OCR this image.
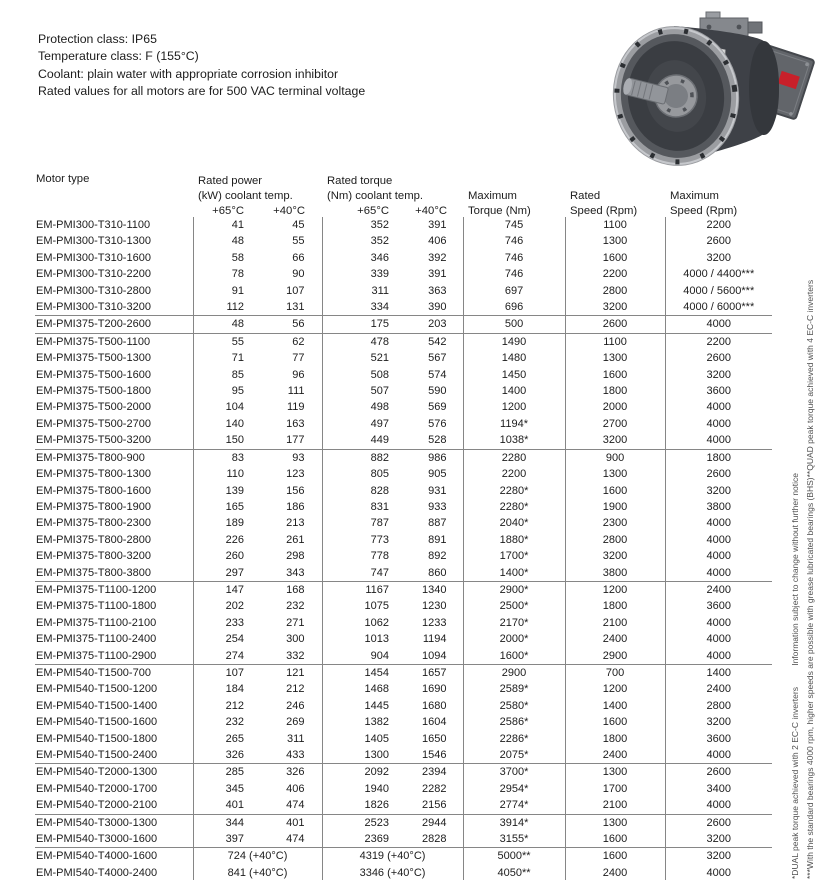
Protection class: IP65
Temperature class: F (155°C)
Coolant: plain water with appropriate corrosion inhibitor
Rated values for all motors are for 500 VAC terminal voltage
Motor type	Rated power		Rated torque				
	(kW) coolant temp.		(Nm) coolant temp.		Maximum	Rated	Maximum
	+65°C	+40°C	+65°C	+40°C	Torque (Nm)	Speed (Rpm)	Speed (Rpm)
EM-PMI300-T310-1100	41	45	352	391	745	1100	2200
EM-PMI300-T310-1300	48	55	352	406	746	1300	2600
EM-PMI300-T310-1600	58	66	346	392	746	1600	3200
EM-PMI300-T310-2200	78	90	339	391	746	2200	4000 / 4400***
EM-PMI300-T310-2800	91	107	311	363	697	2800	4000 / 5600***
EM-PMI300-T310-3200	112	131	334	390	696	3200	4000 / 6000***
EM-PMI375-T200-2600	48	56	175	203	500	2600	4000
EM-PMI375-T500-1100	55	62	478	542	1490	1100	2200
EM-PMI375-T500-1300	71	77	521	567	1480	1300	2600
EM-PMI375-T500-1600	85	96	508	574	1450	1600	3200
EM-PMI375-T500-1800	95	111	507	590	1400	1800	3600
EM-PMI375-T500-2000	104	119	498	569	1200	2000	4000
EM-PMI375-T500-2700	140	163	497	576	1194*	2700	4000
EM-PMI375-T500-3200	150	177	449	528	1038*	3200	4000
EM-PMI375-T800-900	83	93	882	986	2280	900	1800
EM-PMI375-T800-1300	110	123	805	905	2200	1300	2600
EM-PMI375-T800-1600	139	156	828	931	2280*	1600	3200
EM-PMI375-T800-1900	165	186	831	933	2280*	1900	3800
EM-PMI375-T800-2300	189	213	787	887	2040*	2300	4000
EM-PMI375-T800-2800	226	261	773	891	1880*	2800	4000
EM-PMI375-T800-3200	260	298	778	892	1700*	3200	4000
EM-PMI375-T800-3800	297	343	747	860	1400*	3800	4000
EM-PMI375-T1100-1200	147	168	1167	1340	2900*	1200	2400
EM-PMI375-T1100-1800	202	232	1075	1230	2500*	1800	3600
EM-PMI375-T1100-2100	233	271	1062	1233	2170*	2100	4000
EM-PMI375-T1100-2400	254	300	1013	1194	2000*	2400	4000
EM-PMI375-T1100-2900	274	332	904	1094	1600*	2900	4000
EM-PMI540-T1500-700	107	121	1454	1657	2900	700	1400
EM-PMI540-T1500-1200	184	212	1468	1690	2589*	1200	2400
EM-PMI540-T1500-1400	212	246	1445	1680	2580*	1400	2800
EM-PMI540-T1500-1600	232	269	1382	1604	2586*	1600	3200
EM-PMI540-T1500-1800	265	311	1405	1650	2286*	1800	3600
EM-PMI540-T1500-2400	326	433	1300	1546	2075*	2400	4000
EM-PMI540-T2000-1300	285	326	2092	2394	3700*	1300	2600
EM-PMI540-T2000-1700	345	406	1940	2282	2954*	1700	3400
EM-PMI540-T2000-2100	401	474	1826	2156	2774*	2100	4000
EM-PMI540-T3000-1300	344	401	2523	2944	3914*	1300	2600
EM-PMI540-T3000-1600	397	474	2369	2828	3155*	1600	3200
EM-PMI540-T4000-1600	724 (+40°C)		4319 (+40°C)		5000**	1600	3200
EM-PMI540-T4000-2400	841 (+40°C)		3346 (+40°C)		4050**	2400	4000	***With the standard bearings 4000 rpm, higher speeds are possible with grease lubricated bearings (BHS)
**QUAD peak torque achieved with 4 EC-C inverters
*DUAL peak torque achieved with 2 EC-C inverters
Information subject to change without further notice
